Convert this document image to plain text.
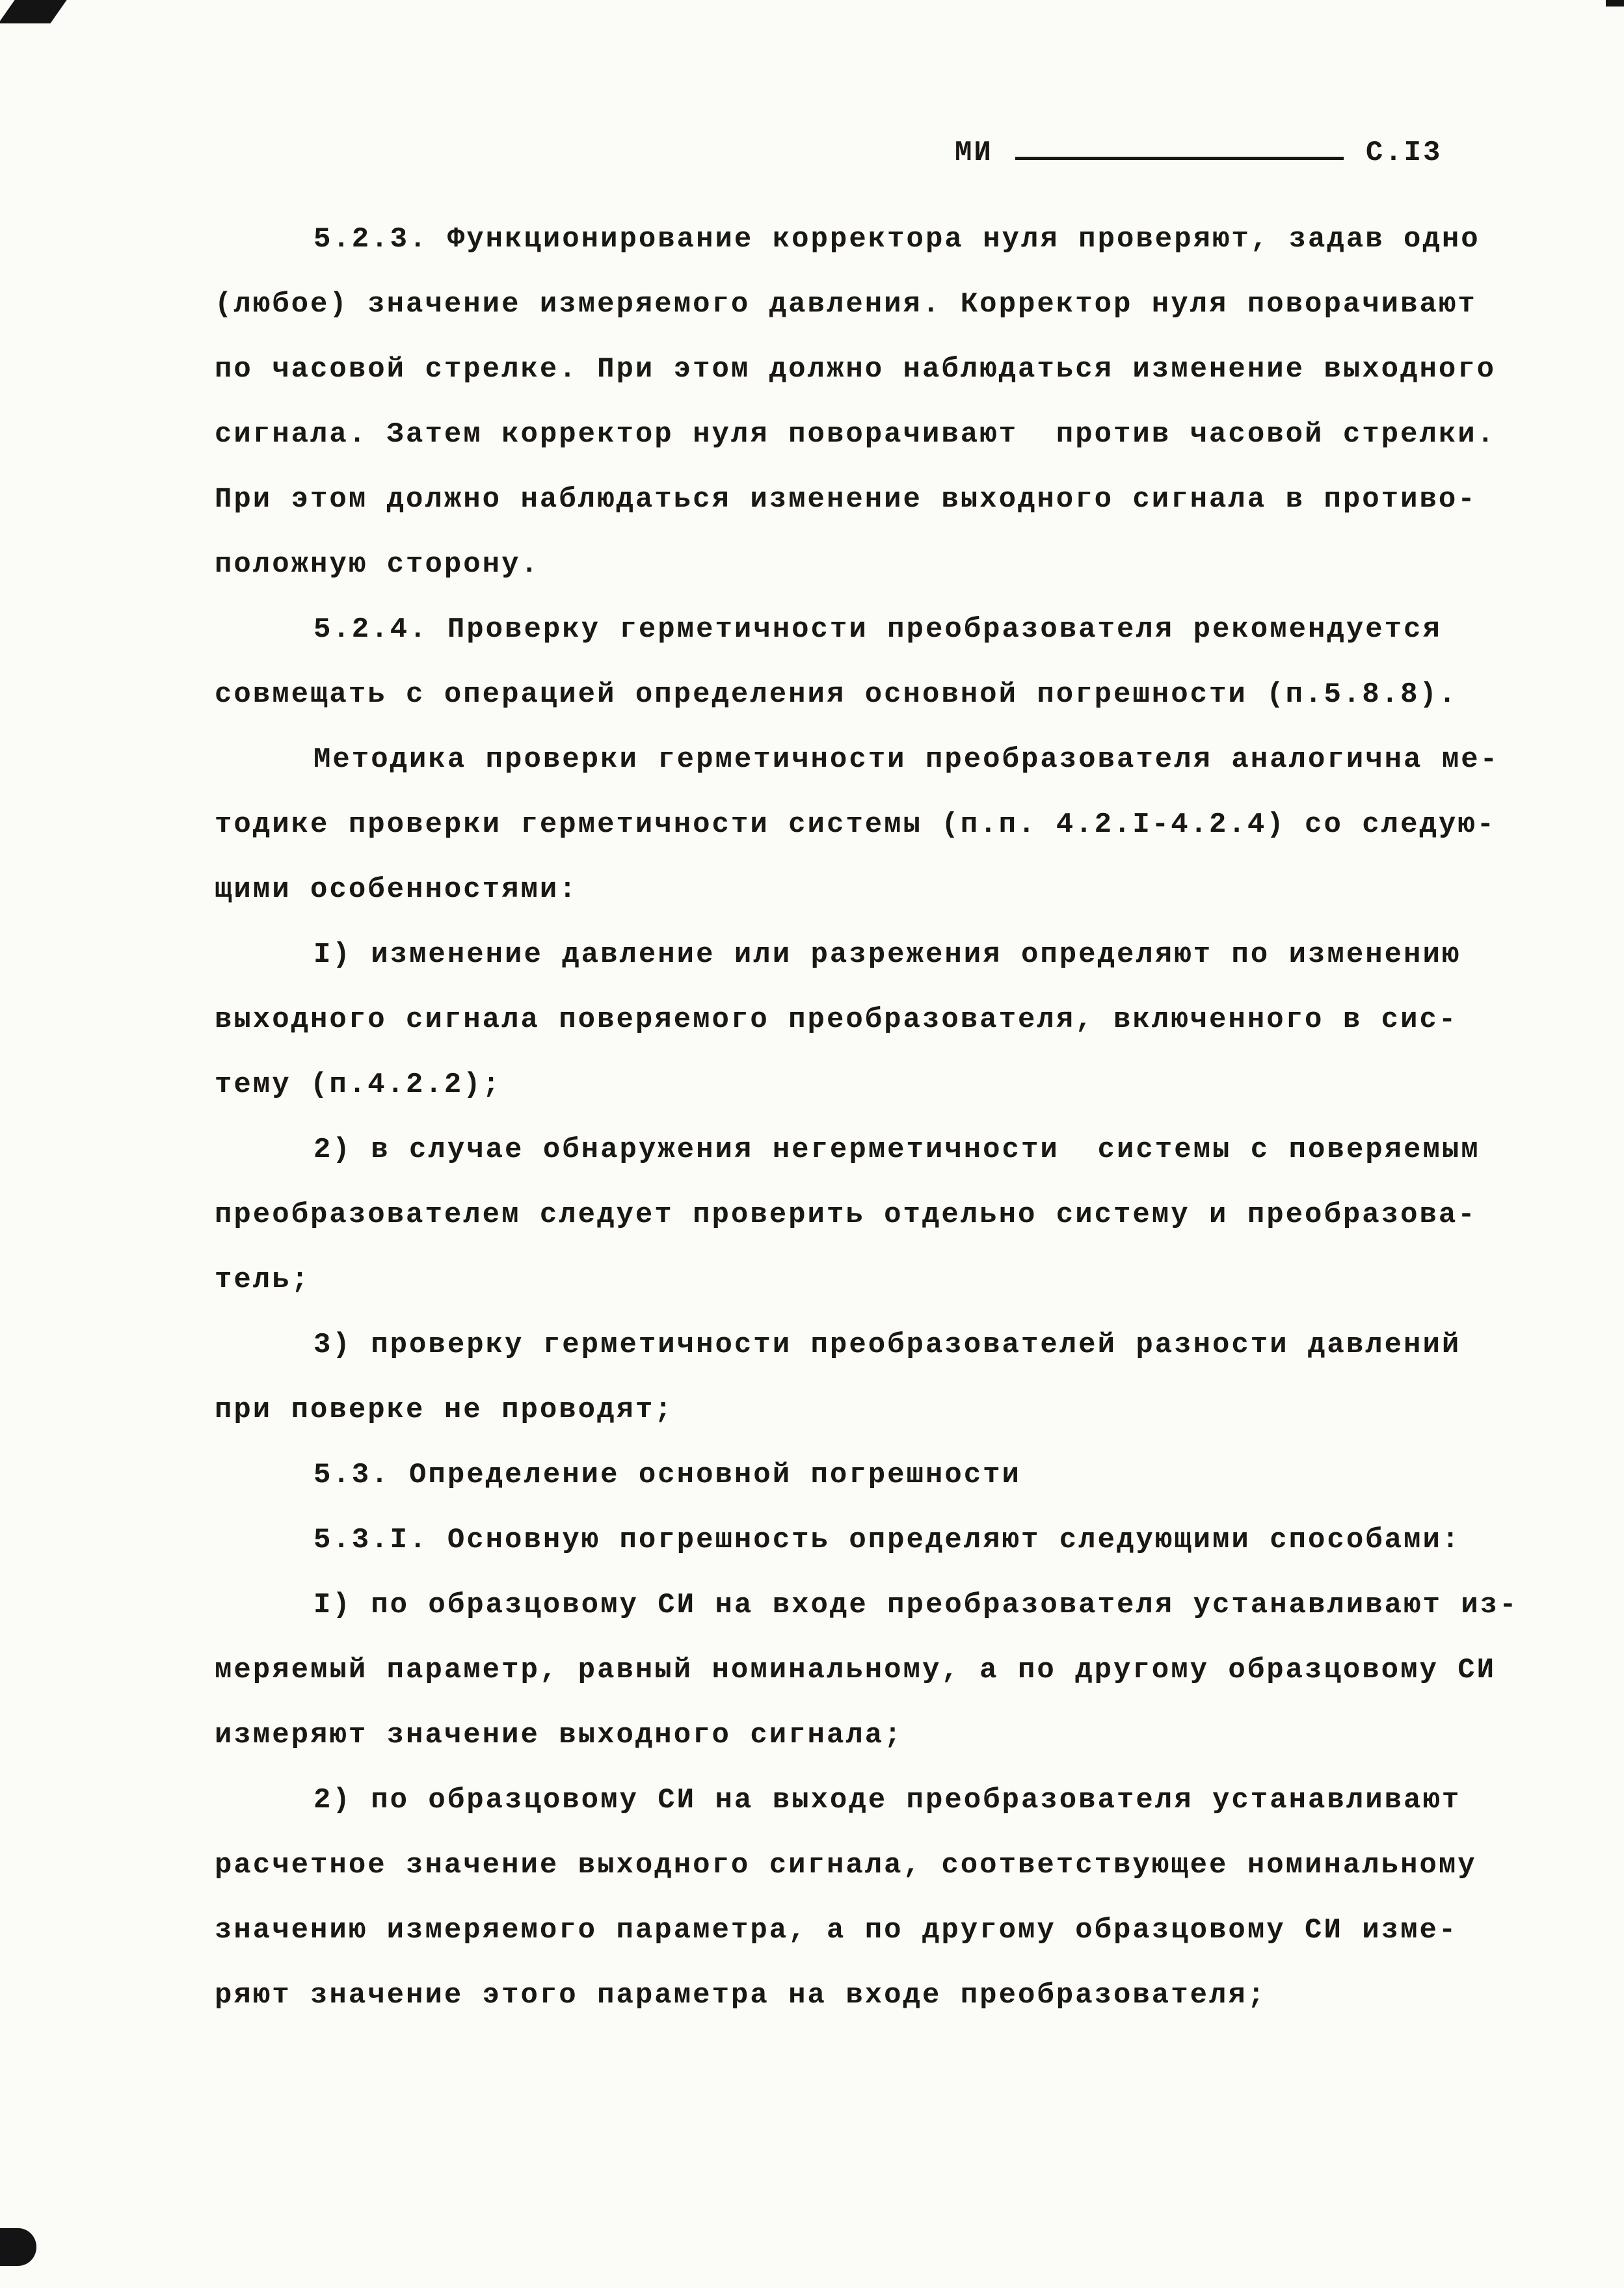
МИ	С.I3
5.2.3. Функционирование корректора нуля проверяют, задав одно
(любое) значение измеряемого давления. Корректор нуля поворачивают
по часовой стрелке. При этом должно наблюдаться изменение выходного
сигнала. Затем корректор нуля поворачивают  против часовой стрелки.
При этом должно наблюдаться изменение выходного сигнала в противо-
положную сторону.
5.2.4. Проверку герметичности преобразователя рекомендуется
совмещать с операцией определения основной погрешности (п.5.8.8).
Методика проверки герметичности преобразователя аналогична ме-
тодике проверки герметичности системы (п.п. 4.2.I-4.2.4) со следую-
щими особенностями:
I) изменение давление или разрежения определяют по изменению
выходного сигнала поверяемого преобразователя, включенного в сис-
тему (п.4.2.2);
2) в случае обнаружения негерметичности  системы с поверяемым
преобразователем следует проверить отдельно систему и преобразова-
тель;
3) проверку герметичности преобразователей разности давлений
при поверке не проводят;
5.3. Определение основной погрешности
5.3.I. Основную погрешность определяют следующими способами:
I) по образцовому СИ на входе преобразователя устанавливают из-
меряемый параметр, равный номинальному, а по другому образцовому СИ
измеряют значение выходного сигнала;
2) по образцовому СИ на выходе преобразователя устанавливают
расчетное значение выходного сигнала, соответствующее номинальному
значению измеряемого параметра, а по другому образцовому СИ изме-
ряют значение этого параметра на входе преобразователя;
